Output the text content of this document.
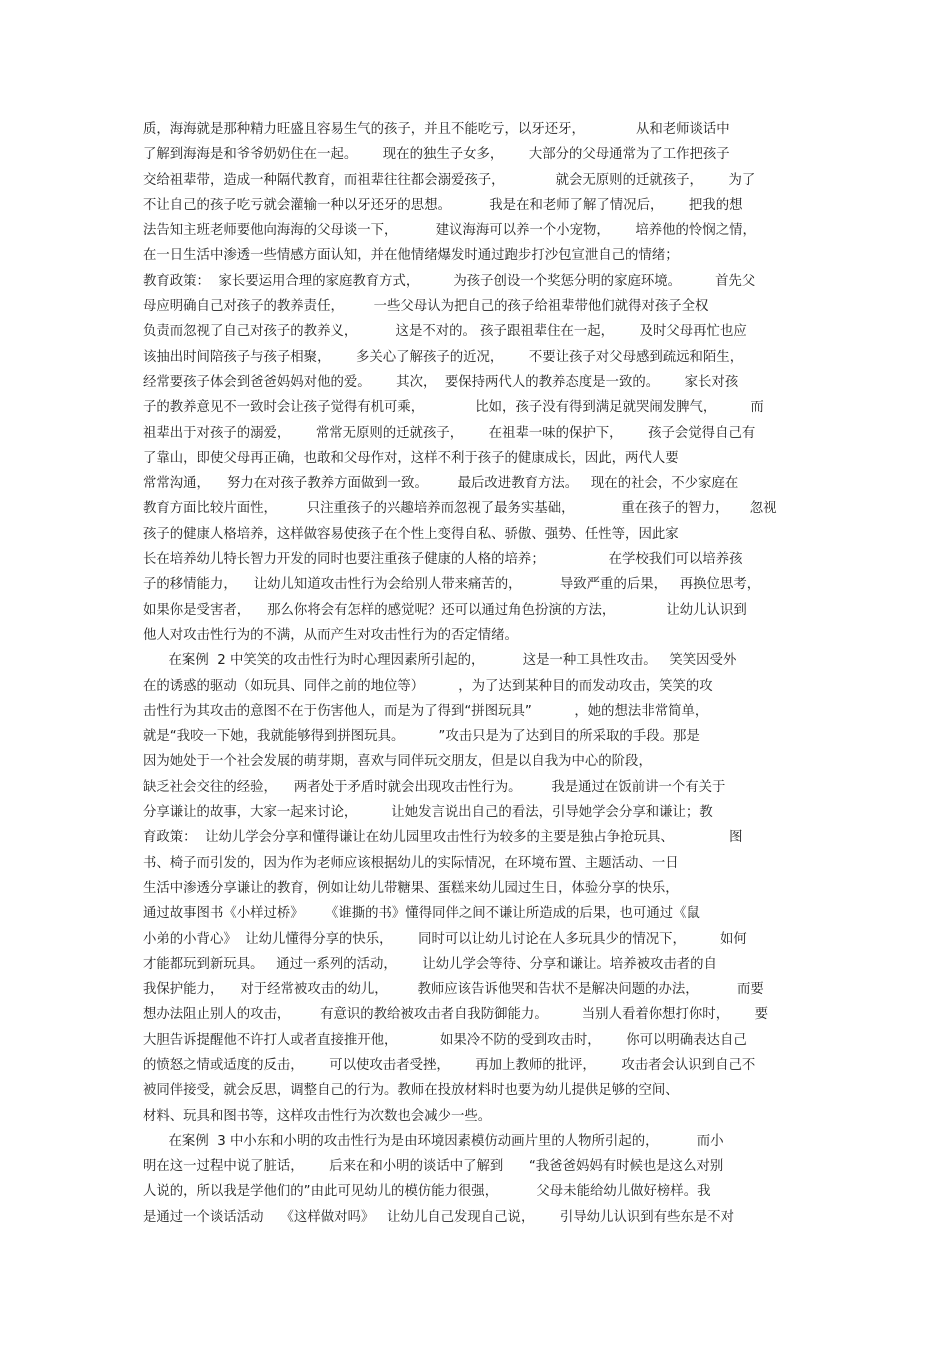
质，海海就是那种精力旺盛且容易生气的孩子，并且不能吃亏，以牙还牙，            从和老师谈话中
了解到海海是和爷爷奶奶住在一起。      现在的独生子女多，      大部分的父母通常为了工作把孩子
交给祖辈带，造成一种隔代教育，而祖辈往往都会溺爱孩子，            就会无原则的迁就孩子，      为了
不让自己的孩子吃亏就会灌输一种以牙还牙的思想。         我是在和老师了解了情况后，      把我的想
法告知主班老师要他向海海的父母谈一下，         建议海海可以养一个小宠物，      培养他的怜悯之情，
在一日生活中渗透一些情感方面认知，并在他情绪爆发时通过跑步打沙包宣泄自己的情绪；
教育政策：  家长要运用合理的家庭教育方式，        为孩子创设一个奖惩分明的家庭环境。        首先父
母应明确自己对孩子的教养责任，       一些父母认为把自己的孩子给祖辈带他们就得对孩子全权
负责而忽视了自己对孩子的教养义，         这是不对的。 孩子跟祖辈住在一起，      及时父母再忙也应
该抽出时间陪孩子与孩子相聚，      多关心了解孩子的近况，      不要让孩子对父母感到疏远和陌生，
经常要孩子体会到爸爸妈妈对他的爱。      其次，  要保持两代人的教养态度是一致的。      家长对孩
子的教养意见不一致时会让孩子觉得有机可乘，            比如，孩子没有得到满足就哭闹发脾气，        而
祖辈出于对孩子的溺爱，      常常无原则的迁就孩子，      在祖辈一味的保护下，      孩子会觉得自己有
了靠山，即使父母再正确，也敢和父母作对，这样不利于孩子的健康成长，因此，两代人要
常常沟通，    努力在对孩子教养方面做到一致。       最后改进教育方法。   现在的社会，不少家庭在
教育方面比较片面性，       只注重孩子的兴趣培养而忽视了最务实基础，           重在孩子的智力，     忽视
孩子的健康人格培养，这样做容易使孩子在个性上变得自私、骄傲、强势、任性等，因此家
长在培养幼儿特长智力开发的同时也要注重孩子健康的人格的培养；               在学校我们可以培养孩
子的移情能力，    让幼儿知道攻击性行为会给别人带来痛苦的，         导致严重的后果，   再换位思考，
如果你是受害者，    那么你将会有怎样的感觉呢？还可以通过角色扮演的方法，            让幼儿认识到
他人对攻击性行为的不满，从而产生对攻击性行为的否定情绪。
在案例  2 中笑笑的攻击性行为时心理因素所引起的，         这是一种工具性攻击。   笑笑因受外
在的诱惑的驱动（如玩具、同伴之前的地位等）        ，为了达到某种目的而发动攻击，笑笑的攻
击性行为其攻击的意图不在于伤害他人，而是为了得到“拼图玩具”          ，她的想法非常简单，
就是“我咬一下她，我就能够得到拼图玩具。        ”攻击只是为了达到目的所采取的手段。那是
因为她处于一个社会发展的萌芽期，喜欢与同伴玩交朋友，但是以自我为中心的阶段，
缺乏社会交往的经验，    两者处于矛盾时就会出现攻击性行为。       我是通过在饭前讲一个有关于
分享谦让的故事，大家一起来讨论，        让她发言说出自己的看法，引导她学会分享和谦让；教
育政策：  让幼儿学会分享和懂得谦让在幼儿园里攻击性行为较多的主要是独占争抢玩具、             图
书、椅子而引发的，因为作为老师应该根据幼儿的实际情况，在环境布置、主题活动、一日
生活中渗透分享谦让的教育，例如让幼儿带糖果、蛋糕来幼儿园过生日，体验分享的快乐，
通过故事图书《小样过桥》     《谁撕的书》懂得同伴之间不谦让所造成的后果，也可通过《鼠
小弟的小背心》  让幼儿懂得分享的快乐，      同时可以让幼儿讨论在人多玩具少的情况下，        如何
才能都玩到新玩具。   通过一系列的活动，      让幼儿学会等待、分享和谦让。培养被攻击者的自
我保护能力，    对于经常被攻击的幼儿，       教师应该告诉他哭和告状不是解决问题的办法，         而要
想办法阻止别人的攻击，       有意识的教给被攻击者自我防御能力。        当别人看着你想打你时，      要
大胆告诉提醒他不许打人或者直接推开他，          如果冷不防的受到攻击时，      你可以明确表达自己
的愤怒之情或适度的反击，      可以使攻击者受挫，      再加上教师的批评，      攻击者会认识到自己不
被同伴接受，就会反思，调整自己的行为。教师在投放材料时也要为幼儿提供足够的空间、
材料、玩具和图书等，这样攻击性行为次数也会减少一些。
在案例  3 中小东和小明的攻击性行为是由环境因素模仿动画片里的人物所引起的，         而小
明在这一过程中说了脏话，      后来在和小明的谈话中了解到      “我爸爸妈妈有时候也是这么对别
人说的，所以我是学他们的”由此可见幼儿的模仿能力很强，         父母未能给幼儿做好榜样。我
是通过一个谈话活动    《这样做对吗》   让幼儿自己发现自己说，      引导幼儿认识到有些东是不对
